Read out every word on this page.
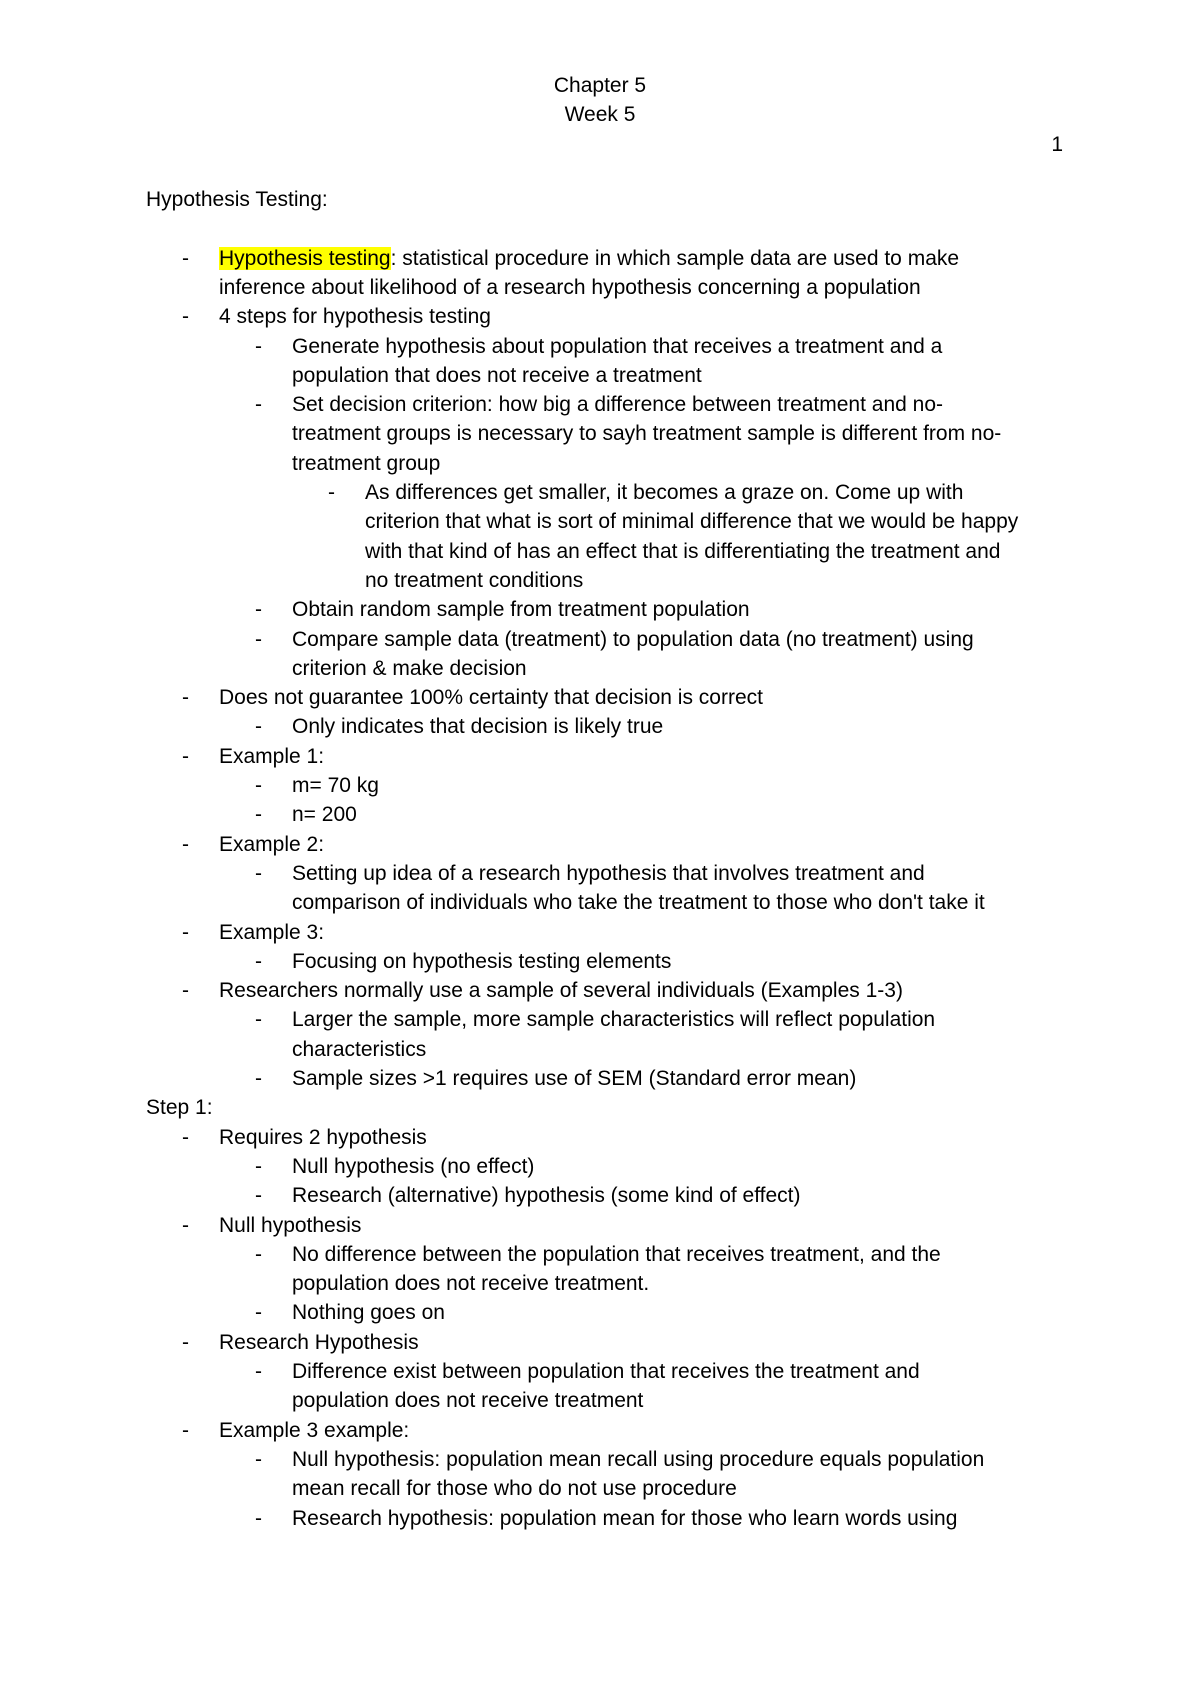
Chapter 5
Week 5
1
Hypothesis Testing:
- Hypothesis testing: statistical procedure in which sample data are used to make
inference about likelihood of a research hypothesis concerning a population
- 4 steps for hypothesis testing
- Generate hypothesis about population that receives a treatment and a
population that does not receive a treatment
- Set decision criterion: how big a difference between treatment and no-
treatment groups is necessary to sayh treatment sample is different from no-
treatment group
- As differences get smaller, it becomes a graze on. Come up with
criterion that what is sort of minimal difference that we would be happy
with that kind of has an effect that is differentiating the treatment and
no treatment conditions
- Obtain random sample from treatment population
- Compare sample data (treatment) to population data (no treatment) using
criterion & make decision
- Does not guarantee 100% certainty that decision is correct
- Only indicates that decision is likely true
- Example 1:
- m= 70 kg
- n= 200
- Example 2:
- Setting up idea of a research hypothesis that involves treatment and
comparison of individuals who take the treatment to those who don't take it
- Example 3:
- Focusing on hypothesis testing elements
- Researchers normally use a sample of several individuals (Examples 1-3)
- Larger the sample, more sample characteristics will reflect population
characteristics
- Sample sizes >1 requires use of SEM (Standard error mean)
Step 1:
- Requires 2 hypothesis
- Null hypothesis (no effect)
- Research (alternative) hypothesis (some kind of effect)
- Null hypothesis
- No difference between the population that receives treatment, and the
population does not receive treatment.
- Nothing goes on
- Research Hypothesis
- Difference exist between population that receives the treatment and
population does not receive treatment
- Example 3 example:
- Null hypothesis: population mean recall using procedure equals population
mean recall for those who do not use procedure
- Research hypothesis: population mean for those who learn words using
